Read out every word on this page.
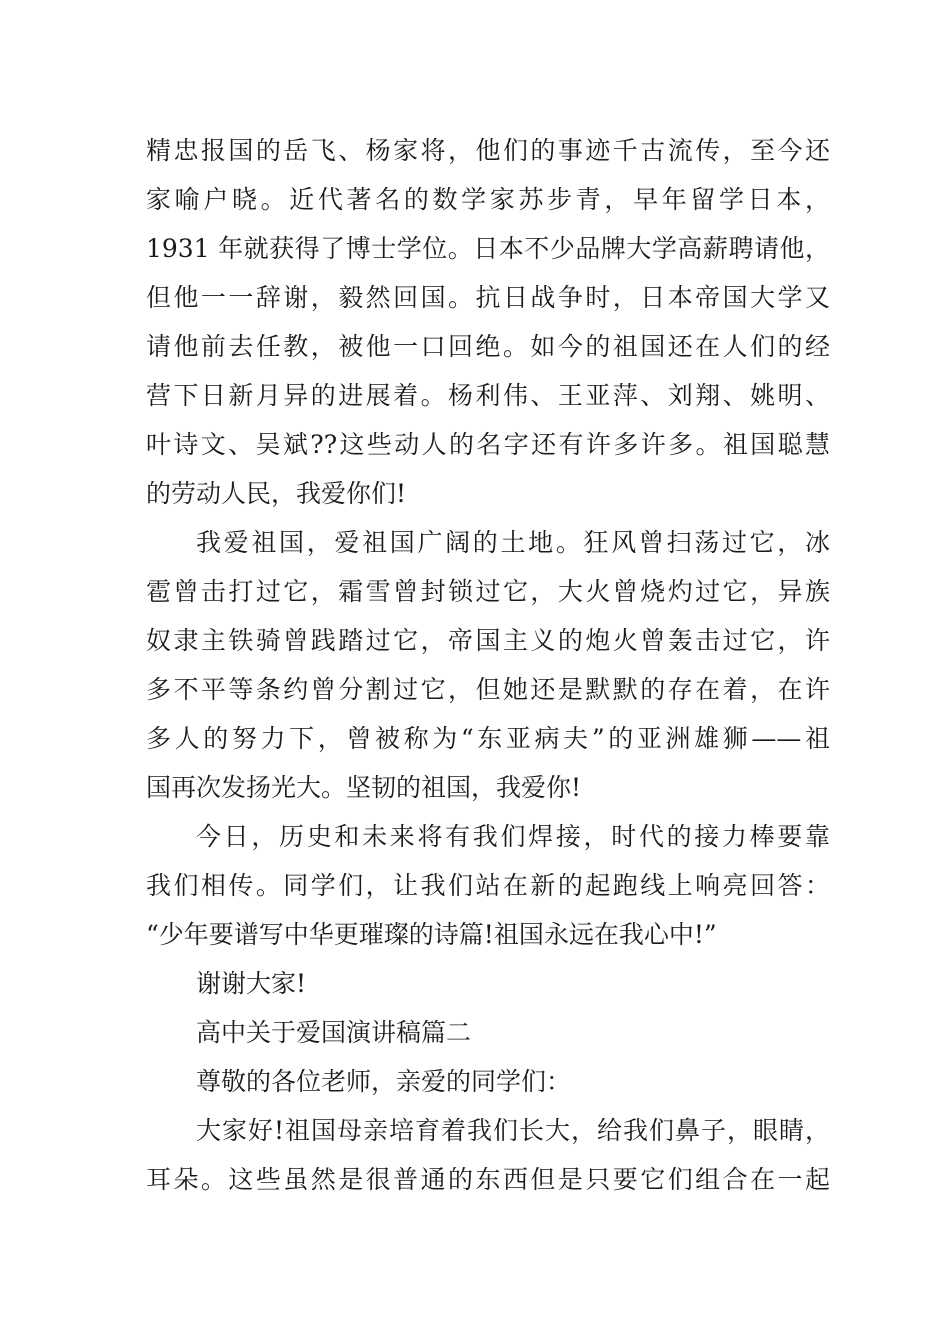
精忠报国的岳飞、杨家将，他们的事迹千古流传，至今还
家喻户晓。近代著名的数学家苏步青，早年留学日本，
1931 年就获得了博士学位。日本不少品牌大学高薪聘请他，
但他一一辞谢，毅然回国。抗日战争时，日本帝国大学又
请他前去任教，被他一口回绝。如今的祖国还在人们的经
营下日新月异的进展着。杨利伟、王亚萍、刘翔、姚明、
叶诗文、吴斌??这些动人的名字还有许多许多。祖国聪慧
的劳动人民，我爱你们!
我爱祖国，爱祖国广阔的土地。狂风曾扫荡过它，冰
雹曾击打过它，霜雪曾封锁过它，大火曾烧灼过它，异族
奴隶主铁骑曾践踏过它，帝国主义的炮火曾轰击过它，许
多不平等条约曾分割过它，但她还是默默的存在着，在许
多人的努力下，曾被称为“东亚病夫”的亚洲雄狮——祖
国再次发扬光大。坚韧的祖国，我爱你!
今日，历史和未来将有我们焊接，时代的接力棒要靠
我们相传。同学们，让我们站在新的起跑线上响亮回答：
“少年要谱写中华更璀璨的诗篇!祖国永远在我心中!”
谢谢大家!
高中关于爱国演讲稿篇二
尊敬的各位老师，亲爱的同学们：
大家好!祖国母亲培育着我们长大，给我们鼻子，眼睛，
耳朵。这些虽然是很普通的东西但是只要它们组合在一起
